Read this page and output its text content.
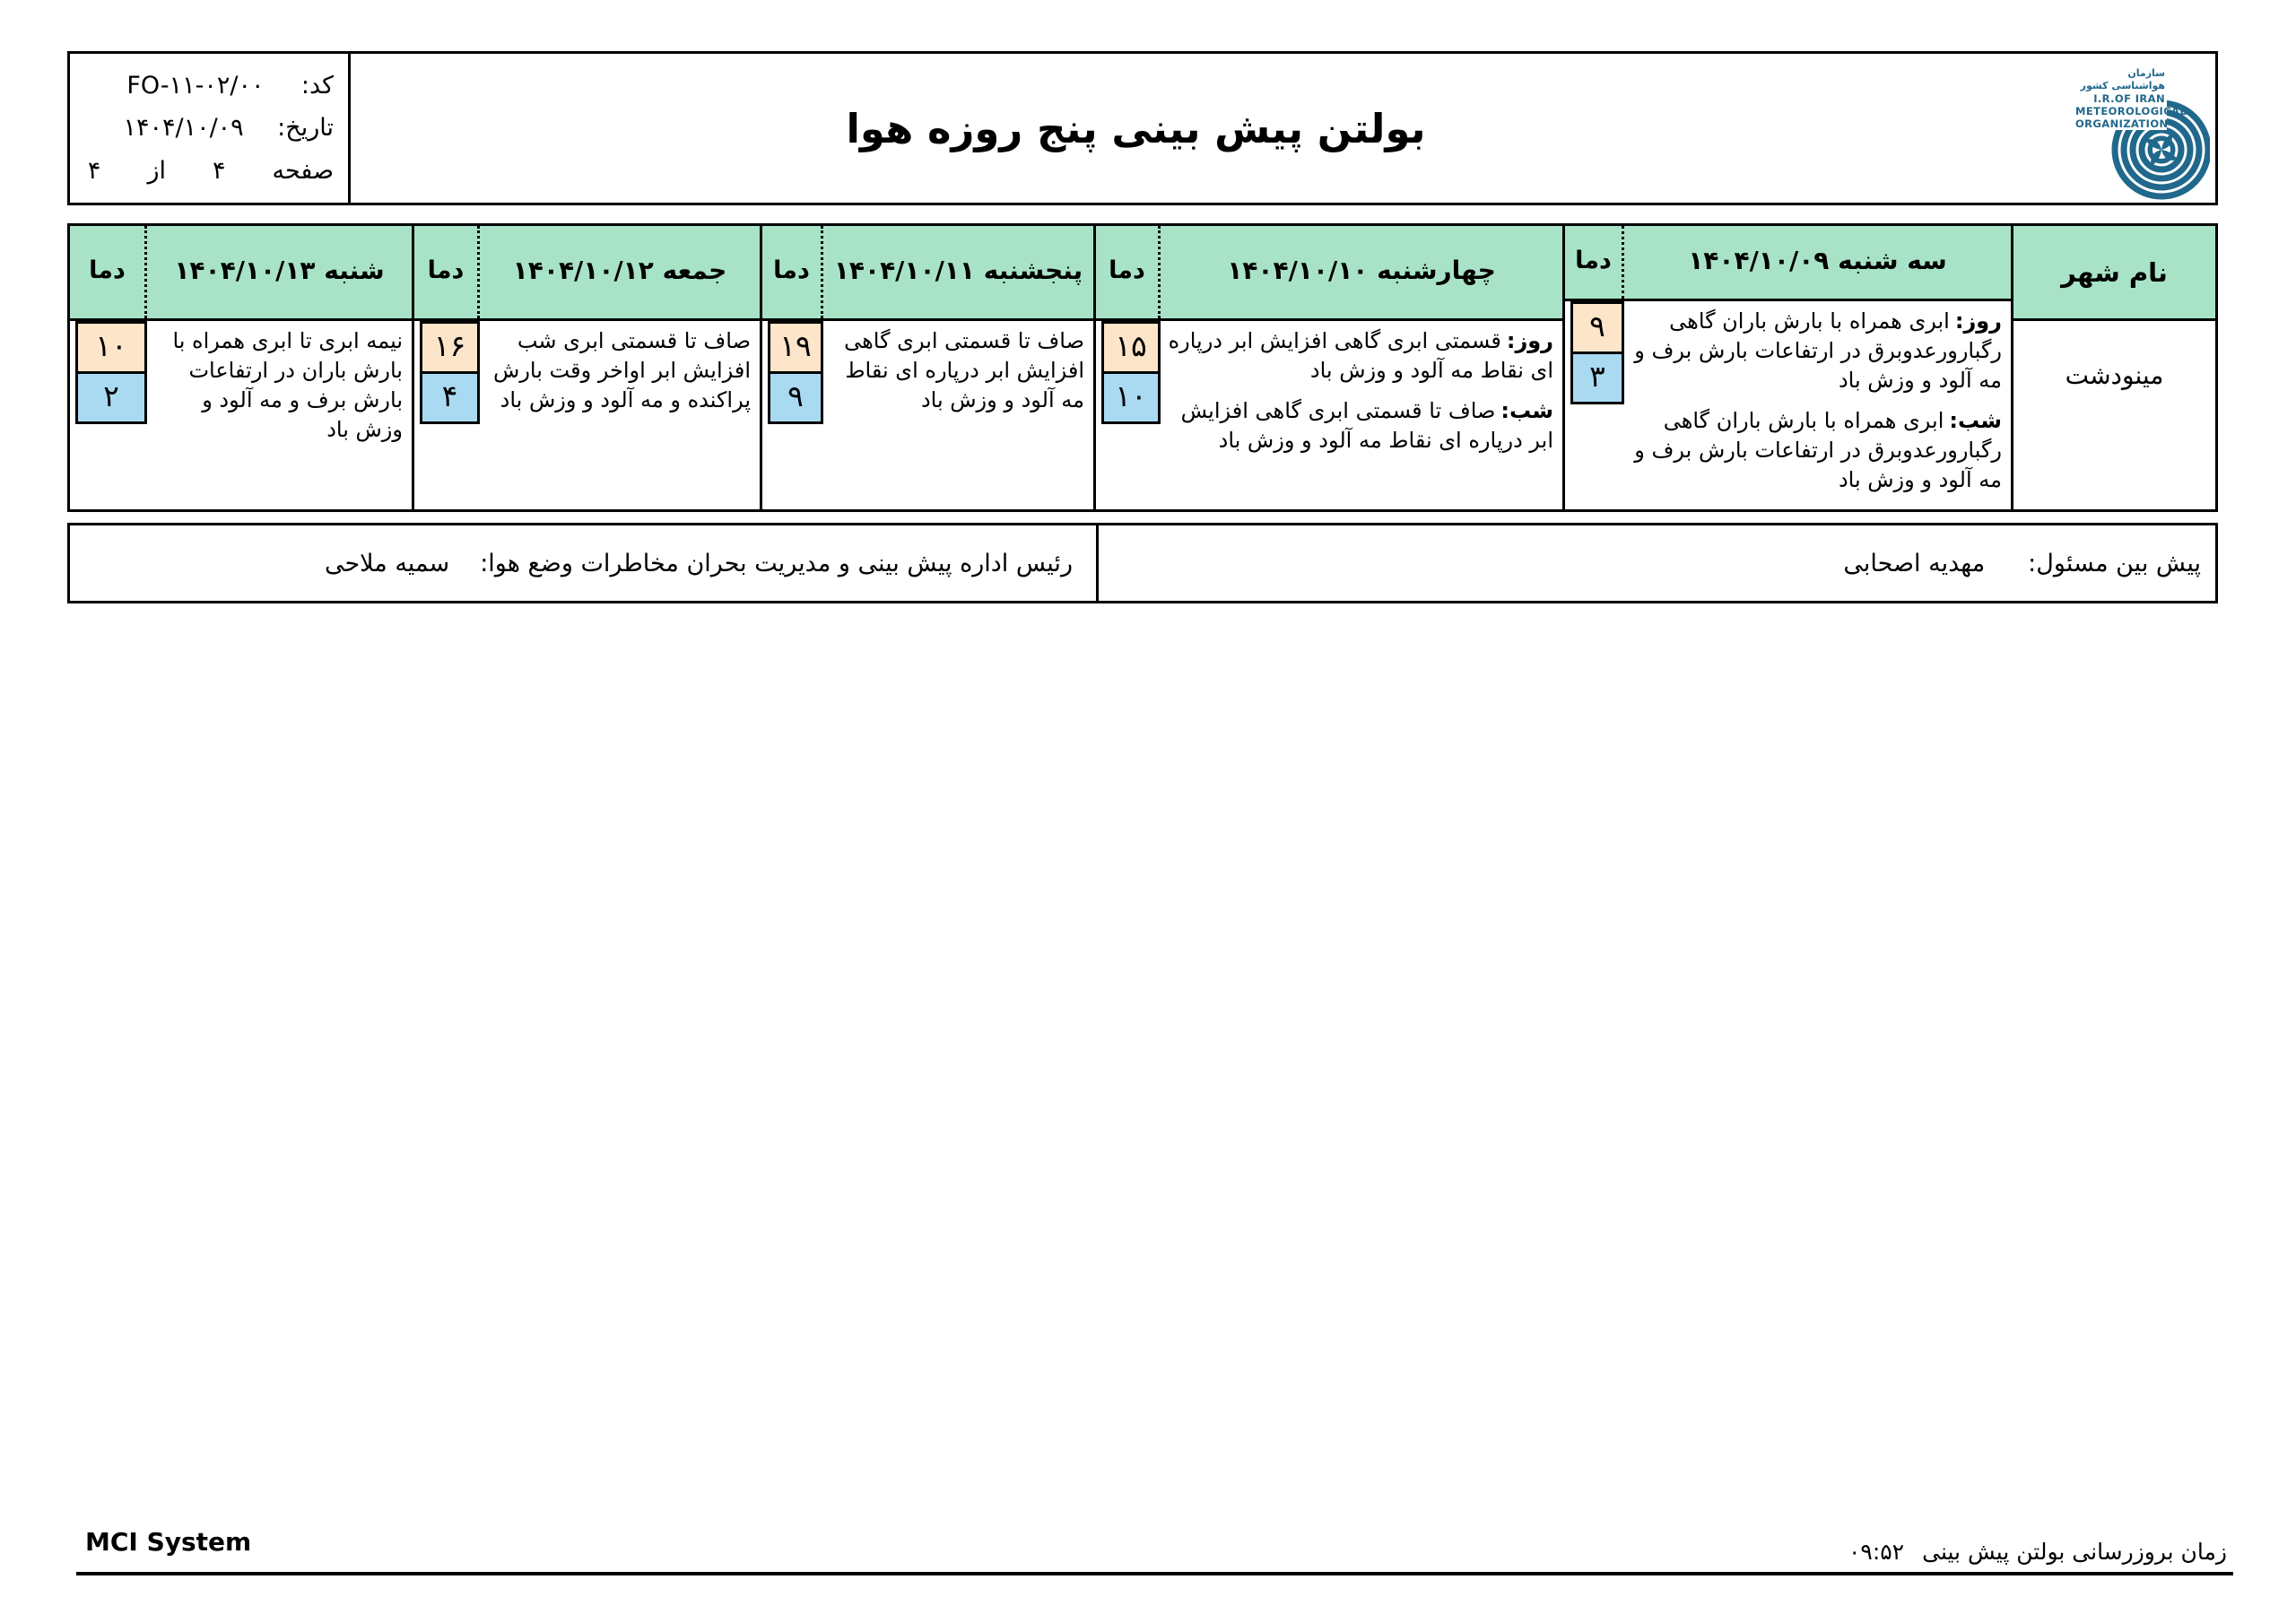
کد:
FO-۱۱-۰۲/۰۰
تاریخ:
۱۴۰۴/۱۰/۰۹
صفحه
۴
از
۴
بولتن پیش بینی پنج روزه هوا
سازمان هواشناسی کشور
I.R.OF IRAN
METEOROLOGICAL
ORGANIZATION
نام شهر
مینودشت
سه شنبه ۱۴۰۴/۱۰/۰۹
دما

روز:ابری همراه با بارش باران گاهی رگبارورعدوبرق در ارتفاعات بارش برف و مه آلود و وزش باد

شب:ابری همراه با بارش باران گاهی رگبارورعدوبرق در ارتفاعات بارش برف و مه آلود و وزش باد

۹
۳
چهارشنبه ۱۴۰۴/۱۰/۱۰
دما

روز:قسمتی ابری گاهی افزایش ابر درپاره ای نقاط مه آلود و وزش باد

شب:صاف تا قسمتی ابری گاهی افزایش ابر درپاره ای نقاط مه آلود و وزش باد

۱۵
۱۰
پنجشنبه ۱۴۰۴/۱۰/۱۱
دما

صاف تا قسمتی ابری گاهی افزایش ابر درپاره ای نقاط مه آلود و وزش باد

۱۹
۹
جمعه ۱۴۰۴/۱۰/۱۲
دما

صاف تا قسمتی ابری شب افزایش ابر اواخر وقت بارش پراکنده و مه آلود و وزش باد

۱۶
۴
شنبه ۱۴۰۴/۱۰/۱۳
دما

نیمه ابری تا ابری همراه با بارش باران در ارتفاعات بارش برف و مه آلود و وزش باد

۱۰
۲
پیش بین مسئول:
مهدیه اصحابی
رئیس اداره پیش بینی و مدیریت بحران مخاطرات وضع هوا:
سمیه ملاحی
MCI System	زمان بروزرسانی بولتن پیش بینی
۰۹:۵۲
